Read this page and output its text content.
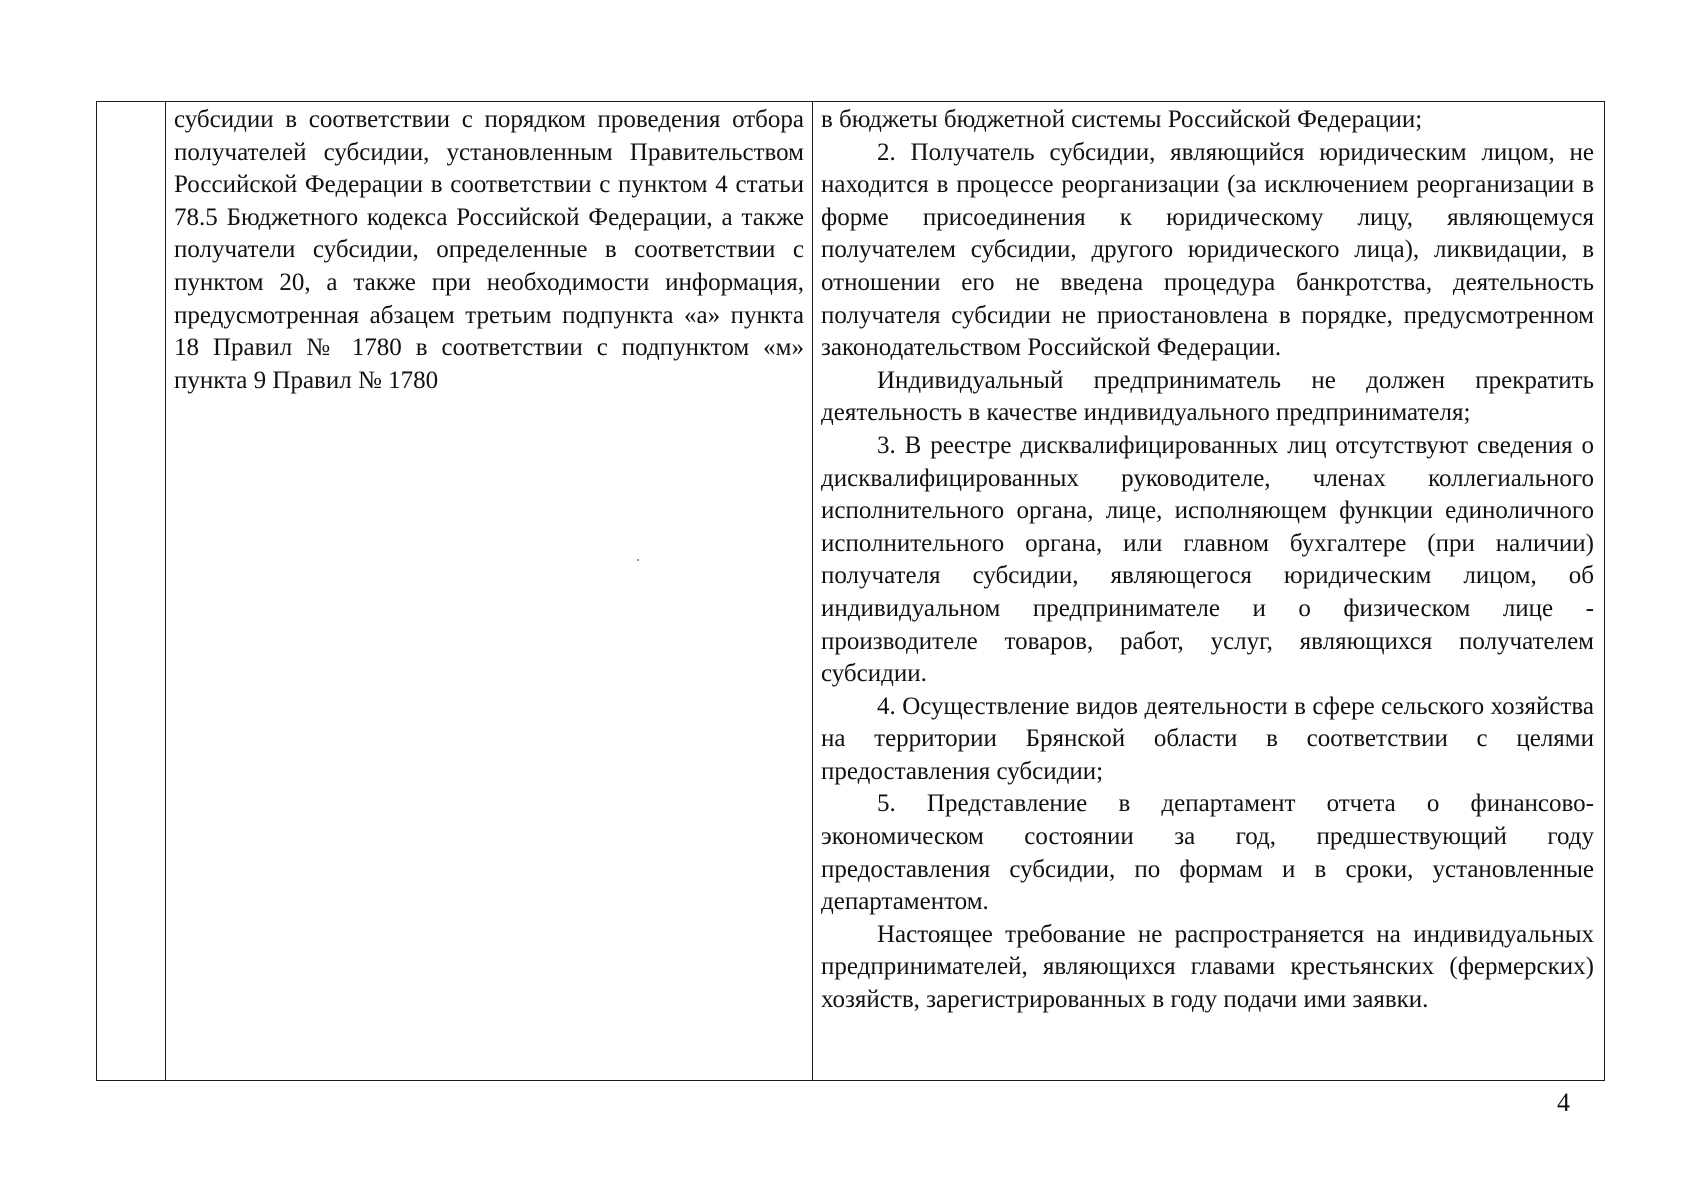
субсидии в соответствии с порядком проведения отбора получателей субсидии, установленным Правительством Российской Федерации в соответствии с пунктом 4 статьи 78.5 Бюджетного кодекса Российской Федерации, а также получатели субсидии, определенные в соответствии с пунктом 20, а также при необходимости информация, предусмотренная абзацем третьим подпункта «а» пункта 18 Правил № 1780 в соответствии с подпунктом «м» пункта 9 Правил № 1780

в бюджеты бюджетной системы Российской Федерации;

2. Получатель субсидии, являющийся юридическим лицом, не находится в процессе реорганизации (за исключением реорганизации в форме присоединения к юридическому лицу, являющемуся получателем субсидии, другого юридического лица), ликвидации, в отношении его не введена процедура банкротства, деятельность получателя субсидии не приостановлена в порядке, предусмотренном законодательством Российской Федерации.

Индивидуальный предприниматель не должен прекратить деятельность в качестве индивидуального предпринимателя;

3. В реестре дисквалифицированных лиц отсутствуют сведения о дисквалифицированных руководителе, членах коллегиального исполнительного органа, лице, исполняющем функции единоличного исполнительного органа, или главном бухгалтере (при наличии) получателя субсидии, являющегося юридическим лицом, об индивидуальном предпринимателе и о физическом лице - производителе товаров, работ, услуг, являющихся получателем субсидии.

4. Осуществление видов деятельности в сфере сельского хозяйства на территории Брянской области в соответствии с целями предоставления субсидии;

5. Представление в департамент отчета о финансово-экономическом состоянии за год, предшествующий году предоставления субсидии, по формам и в сроки, установленные департаментом.

Настоящее требование не распространяется на индивидуальных предпринимателей, являющихся главами крестьянских (фермерских) хозяйств, зарегистрированных в году подачи ими заявки.

4
